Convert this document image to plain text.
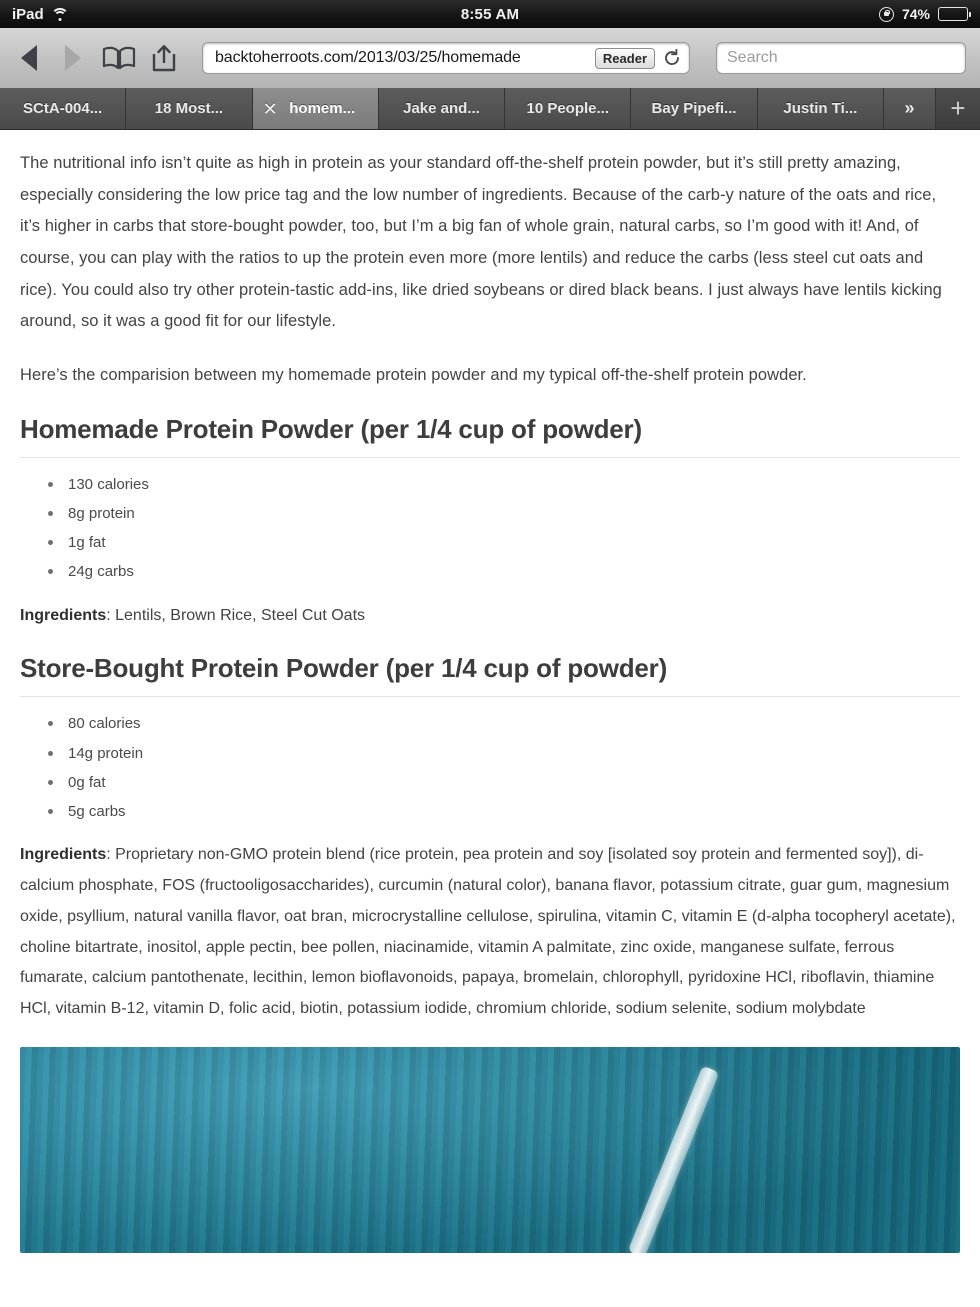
iPad	8:55 AM	74%
backtoherroots.com/2013/03/25/homemade	Reader	Search
SCtA-004...	18 Most... ✕ homem...	Jake and...	10 People...	Bay Pipefi...	Justin Ti...	»	+

The nutritional info isn’t quite as high in protein as your standard off-the-shelf protein powder, but it’s still pretty amazing, especially considering the low price tag and the low number of ingredients. Because of the carb-y nature of the oats and rice, it’s higher in carbs that store-bought powder, too, but I’m a big fan of whole grain, natural carbs, so I’m good with it! And, of course, you can play with the ratios to up the protein even more (more lentils) and reduce the carbs (less steel cut oats and rice). You could also try other protein-tastic add-ins, like dried soybeans or dired black beans. I just always have lentils kicking around, so it was a good fit for our lifestyle.

Here’s the comparision between my homemade protein powder and my typical off-the-shelf protein powder.

Homemade Protein Powder (per 1/4 cup of powder)
130 calories
8g protein
1g fat
24g carbs

Ingredients: Lentils, Brown Rice, Steel Cut Oats

Store-Bought Protein Powder (per 1/4 cup of powder)
80 calories
14g protein
0g fat
5g carbs

Ingredients: Proprietary non-GMO protein blend (rice protein, pea protein and soy [isolated soy protein and fermented soy]), di-calcium phosphate, FOS (fructooligosaccharides), curcumin (natural color), banana flavor, potassium citrate, guar gum, magnesium oxide, psyllium, natural vanilla flavor, oat bran, microcrystalline cellulose, spirulina, vitamin C, vitamin E (d-alpha tocopheryl acetate), choline bitartrate, inositol, apple pectin, bee pollen, niacinamide, vitamin A palmitate, zinc oxide, manganese sulfate, ferrous fumarate, calcium pantothenate, lecithin, lemon bioflavonoids, papaya, bromelain, chlorophyll, pyridoxine HCl, riboflavin, thiamine HCl, vitamin B-12, vitamin D, folic acid, biotin, potassium iodide, chromium chloride, sodium selenite, sodium molybdate
